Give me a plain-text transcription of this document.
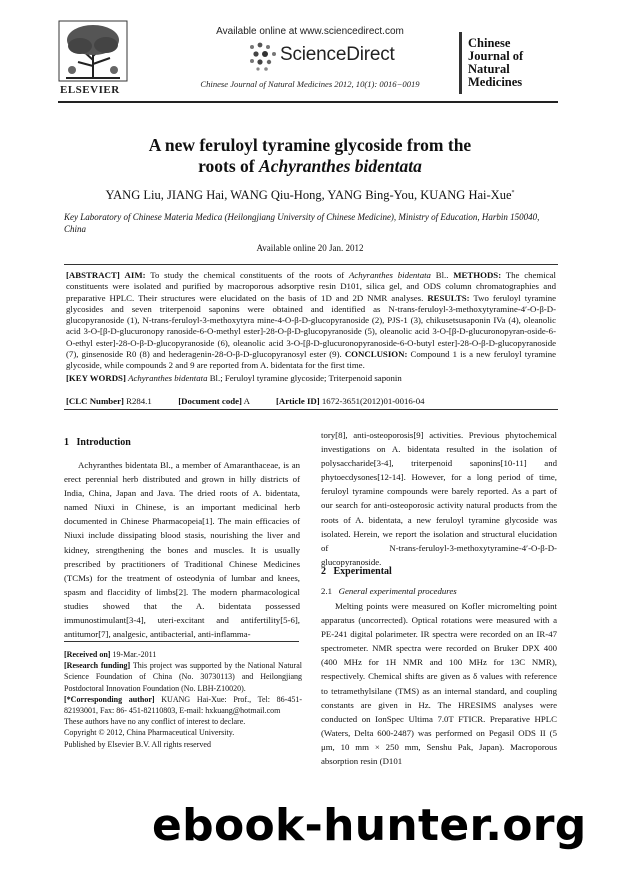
Available online at www.sciencedirect.com
ScienceDirect
Chinese Journal of Natural Medicines 2012, 10(1): 0016−0019
ELSEVIER
Chinese
Journal of
Natural
Medicines
A new feruloyl tyramine glycoside from the
roots of Achyranthes bidentata
YANG Liu, JIANG Hai, WANG Qiu-Hong, YANG Bing-You, KUANG Hai-Xue*
Key Laboratory of Chinese Materia Medica (Heilongjiang University of Chinese Medicine), Ministry of Education, Harbin 150040,
China
Available online 20 Jan. 2012

[ABSTRACT] AIM: To study the chemical constituents of the roots of Achyranthes bidentata Bl.. METHODS: The chemical constituents were isolated and purified by macroporous adsorptive resin D101, silica gel, and ODS column chromatographies and preparative HPLC. Their structures were elucidated on the basis of 1D and 2D NMR analyses. RESULTS: Two feruloyl tyramine glycosides and seven triterpenoid saponins were obtained and identified as N-trans-feruloyl-3-methoxytyramine-4′-O-β-D-glucopyranoside (1), N-trans-feruloyl-3-methoxytyra mine-4-O-β-D-glucopyranoside (2), PJS-1 (3), chikusetsusaponin IVa (4), oleanolic acid 3-O-[β-D-glucuronopy ranoside-6-O-methyl ester]-28-O-β-D-glucopyranoside (5), oleanolic acid 3-O-[β-D-glucuronopyran-oside-6-O-ethyl ester]-28-O-β-D-glucopyranoside (6), oleanolic acid 3-O-[β-D-glucuronopyranoside-6-O-butyl ester]-28-O-β-D-glucopyranoside (7), ginsenoside R0 (8) and hederagenin-28-O-β-D-glucopyranosyl ester (9). CONCLUSION: Compound 1 is a new feruloyl tyramine glycoside, while compounds 2 and 9 are reported from A. bidentata for the first time.

[KEY WORDS] Achyranthes bidentata Bl.; Feruloyl tyramine glycoside; Triterpenoid saponin

[CLC Number] R284.1	[Document code] A	[Article ID] 1672-3651(2012)01-0016-04
1 Introduction

Achyranthes bidentata Bl., a member of Amaranthaceae, is an erect perennial herb distributed and grown in hilly districts of India, China, Japan and Java. The dried roots of A. bidentata, named Niuxi in Chinese, is an important medicinal herb documented in Chinese Pharmacopeia[1]. The main efficacies of Niuxi include dissipating blood stasis, nourishing the liver and kidney, strengthening the bones and muscles. It is usually prescribed by practitioners of Traditional Chinese Medicines (TCMs) for the treatment of osteodynia of lumbar and knees, spasm and flaccidity of limbs[2]. The modern pharmacological studies showed that the A. bidentata possessed immunostimulant[3-4], uteri-excitant and antifertility[5-6], antitumor[7], analgesic, antibacterial, anti-inflamma-

[Received on] 19-Mar.-2011
[Research funding] This project was supported by the National Natural Science Foundation of China (No. 30730113) and Heilongjiang Postdoctoral Innovation Foundation (No. LBH-Z10020).
[*Corresponding author] KUANG Hai-Xue: Prof., Tel: 86-451-82193001, Fax: 86- 451-82110803, E-mail: hxkuang@hotmail.com
These authors have no any conflict of interest to declare.
Copyright © 2012, China Pharmaceutical University.
Published by Elsevier B.V. All rights reserved

tory[8], anti-osteoporosis[9] activities. Previous phytochemical investigations on A. bidentata resulted in the isolation of polysaccharide[3-4], triterpenoid saponins[10-11] and phytoecdysones[12-14]. However, for a long period of time, feruloyl tyramine compounds were barely reported. As a part of our search for anti-osteoporosic activity natural products from the roots of A. bidentata, a new feruloyl tyramine glycoside was isolated. Herein, we report the isolation and structural elucidation of N-trans-feruloyl-3-methoxytyramine-4′-O-β-D-glucopyranoside.

2 Experimental
2.1 General experimental procedures

Melting points were measured on Kofler micromelting point apparatus (uncorrected). Optical rotations were measured with a PE-241 digital polarimeter. IR spectra were recorded on an IR-47 spectrometer. NMR spectra were recorded on Bruker DPX 400 (400 MHz for 1H NMR and 100 MHz for 13C NMR), respectively. Chemical shifts are given as δ values with reference to tetramethylsilane (TMS) as an internal standard, and coupling constants are given in Hz. The HRESIMS analyses were conducted on IonSpec Ultima 7.0T FTICR. Preparative HPLC (Waters, Delta 600-2487) was performed on Pegasil ODS II (5 μm, 10 mm × 250 mm, Senshu Pak, Japan). Macroporous absorption resin (D101

ebook-hunter.org
